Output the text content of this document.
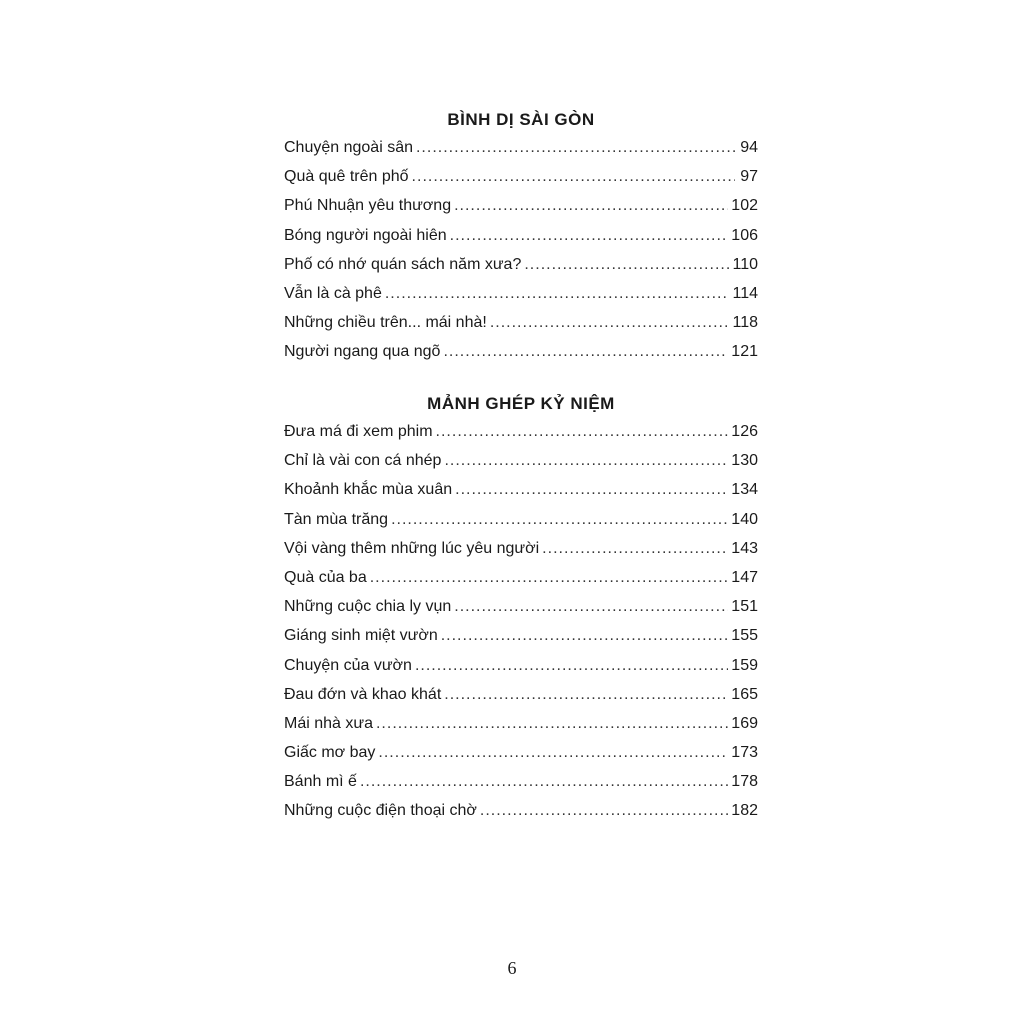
BÌNH DỊ SÀI GÒN
Chuyện ngoài sân .....	94
Quà quê trên phố .....	97
Phú Nhuận yêu thương .....	102
Bóng người ngoài hiên .....	106
Phố có nhớ quán sách năm xưa? .....	110
Vẫn là cà phê .....	114
Những chiều trên... mái nhà! .....	118
Người ngang qua ngõ .....	121
MẢNH GHÉP KỶ NIỆM
Đưa má đi xem phim .....	126
Chỉ là vài con cá nhép .....	130
Khoảnh khắc mùa xuân .....	134
Tàn mùa trăng .....	140
Vội vàng thêm những lúc yêu người .....	143
Quà của ba .....	147
Những cuộc chia ly vụn .....	151
Giáng sinh miệt vườn .....	155
Chuyện của vườn .....	159
Đau đớn và khao khát .....	165
Mái nhà xưa .....	169
Giấc mơ bay .....	173
Bánh mì ế .....	178
Những cuộc điện thoại chờ .....	182
6
